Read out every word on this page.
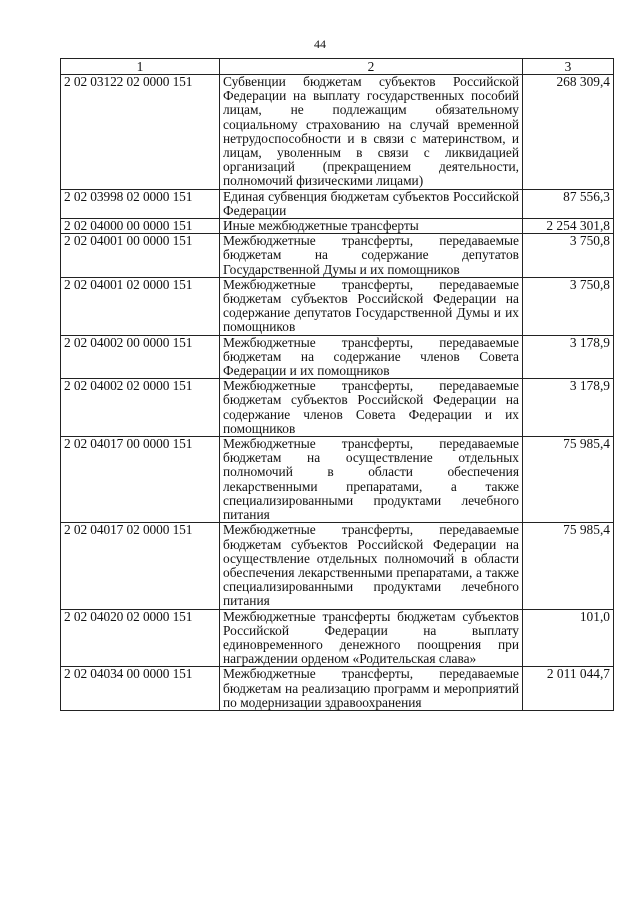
44
1	2	3
2 02 03122 02 0000 151	Субвенции бюджетам субъектов Российской Федерации на выплату государственных пособий лицам, не подлежащим обязательному социальному страхованию на случай временной нетрудоспособности и в связи с материнством, и лицам, уволенным в связи с ликвидацией организаций (прекращением деятельности, полномочий физическими лицами)	268 309,4
2 02 03998 02 0000 151	Единая субвенция бюджетам субъектов Российской Федерации	87 556,3
2 02 04000 00 0000 151	Иные межбюджетные трансферты	2 254 301,8
2 02 04001 00 0000 151	Межбюджетные трансферты, передаваемые бюджетам на содержание депутатов Государственной Думы и их помощников	3 750,8
2 02 04001 02 0000 151	Межбюджетные трансферты, передаваемые бюджетам субъектов Российской Федерации на содержание депутатов Государственной Думы и их помощников	3 750,8
2 02 04002 00 0000 151	Межбюджетные трансферты, передаваемые бюджетам на содержание членов Совета Федерации и их помощников	3 178,9
2 02 04002 02 0000 151	Межбюджетные трансферты, передаваемые бюджетам субъектов Российской Федерации на содержание членов Совета Федерации и их помощников	3 178,9
2 02 04017 00 0000 151	Межбюджетные трансферты, передаваемые бюджетам на осуществление отдельных полномочий в области обеспечения лекарственными препаратами, а также специализированными продуктами лечебного питания	75 985,4
2 02 04017 02 0000 151	Межбюджетные трансферты, передаваемые бюджетам субъектов Российской Федерации на осуществление отдельных полномочий в области обеспечения лекарственными препаратами, а также специализированными продуктами лечебного питания	75 985,4
2 02 04020 02 0000 151	Межбюджетные трансферты бюджетам субъектов Российской Федерации на выплату единовременного денежного поощрения при награждении орденом «Родительская слава»	101,0
2 02 04034 00 0000 151	Межбюджетные трансферты, передаваемые бюджетам на реализацию программ и мероприятий по модернизации здравоохранения	2 011 044,7
